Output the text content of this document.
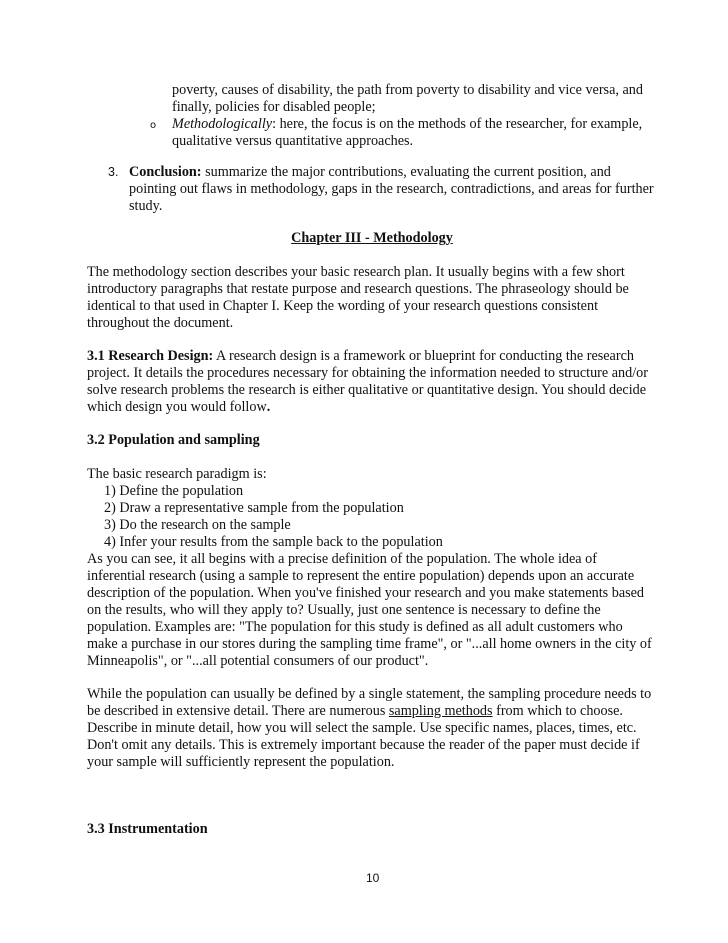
poverty, causes of disability, the path from poverty to disability and vice versa, and
finally, policies for disabled people;
o Methodologically: here, the focus is on the methods of the researcher, for example,
qualitative versus quantitative approaches.
3. Conclusion: summarize the major contributions, evaluating the current position, and
pointing out flaws in methodology, gaps in the research, contradictions, and areas for further
study.
Chapter III - Methodology
The methodology section describes your basic research plan. It usually begins with a few short
introductory paragraphs that restate purpose and research questions. The phraseology should be
identical to that used in Chapter I. Keep the wording of your research questions consistent
throughout the document.
3.1 Research Design: A research design is a framework or blueprint for conducting the research
project. It details the procedures necessary for obtaining the information needed to structure and/or
solve research problems the research is either qualitative or quantitative design. You should decide
which design you would follow.
3.2 Population and sampling
The basic research paradigm is:
1) Define the population
2) Draw a representative sample from the population
3) Do the research on the sample
4) Infer your results from the sample back to the population
As you can see, it all begins with a precise definition of the population. The whole idea of
inferential research (using a sample to represent the entire population) depends upon an accurate
description of the population. When you've finished your research and you make statements based
on the results, who will they apply to? Usually, just one sentence is necessary to define the
population. Examples are: "The population for this study is defined as all adult customers who
make a purchase in our stores during the sampling time frame", or "...all home owners in the city of
Minneapolis", or "...all potential consumers of our product".
While the population can usually be defined by a single statement, the sampling procedure needs to
be described in extensive detail. There are numerous sampling methods from which to choose.
Describe in minute detail, how you will select the sample. Use specific names, places, times, etc.
Don't omit any details. This is extremely important because the reader of the paper must decide if
your sample will sufficiently represent the population.
3.3 Instrumentation
10
